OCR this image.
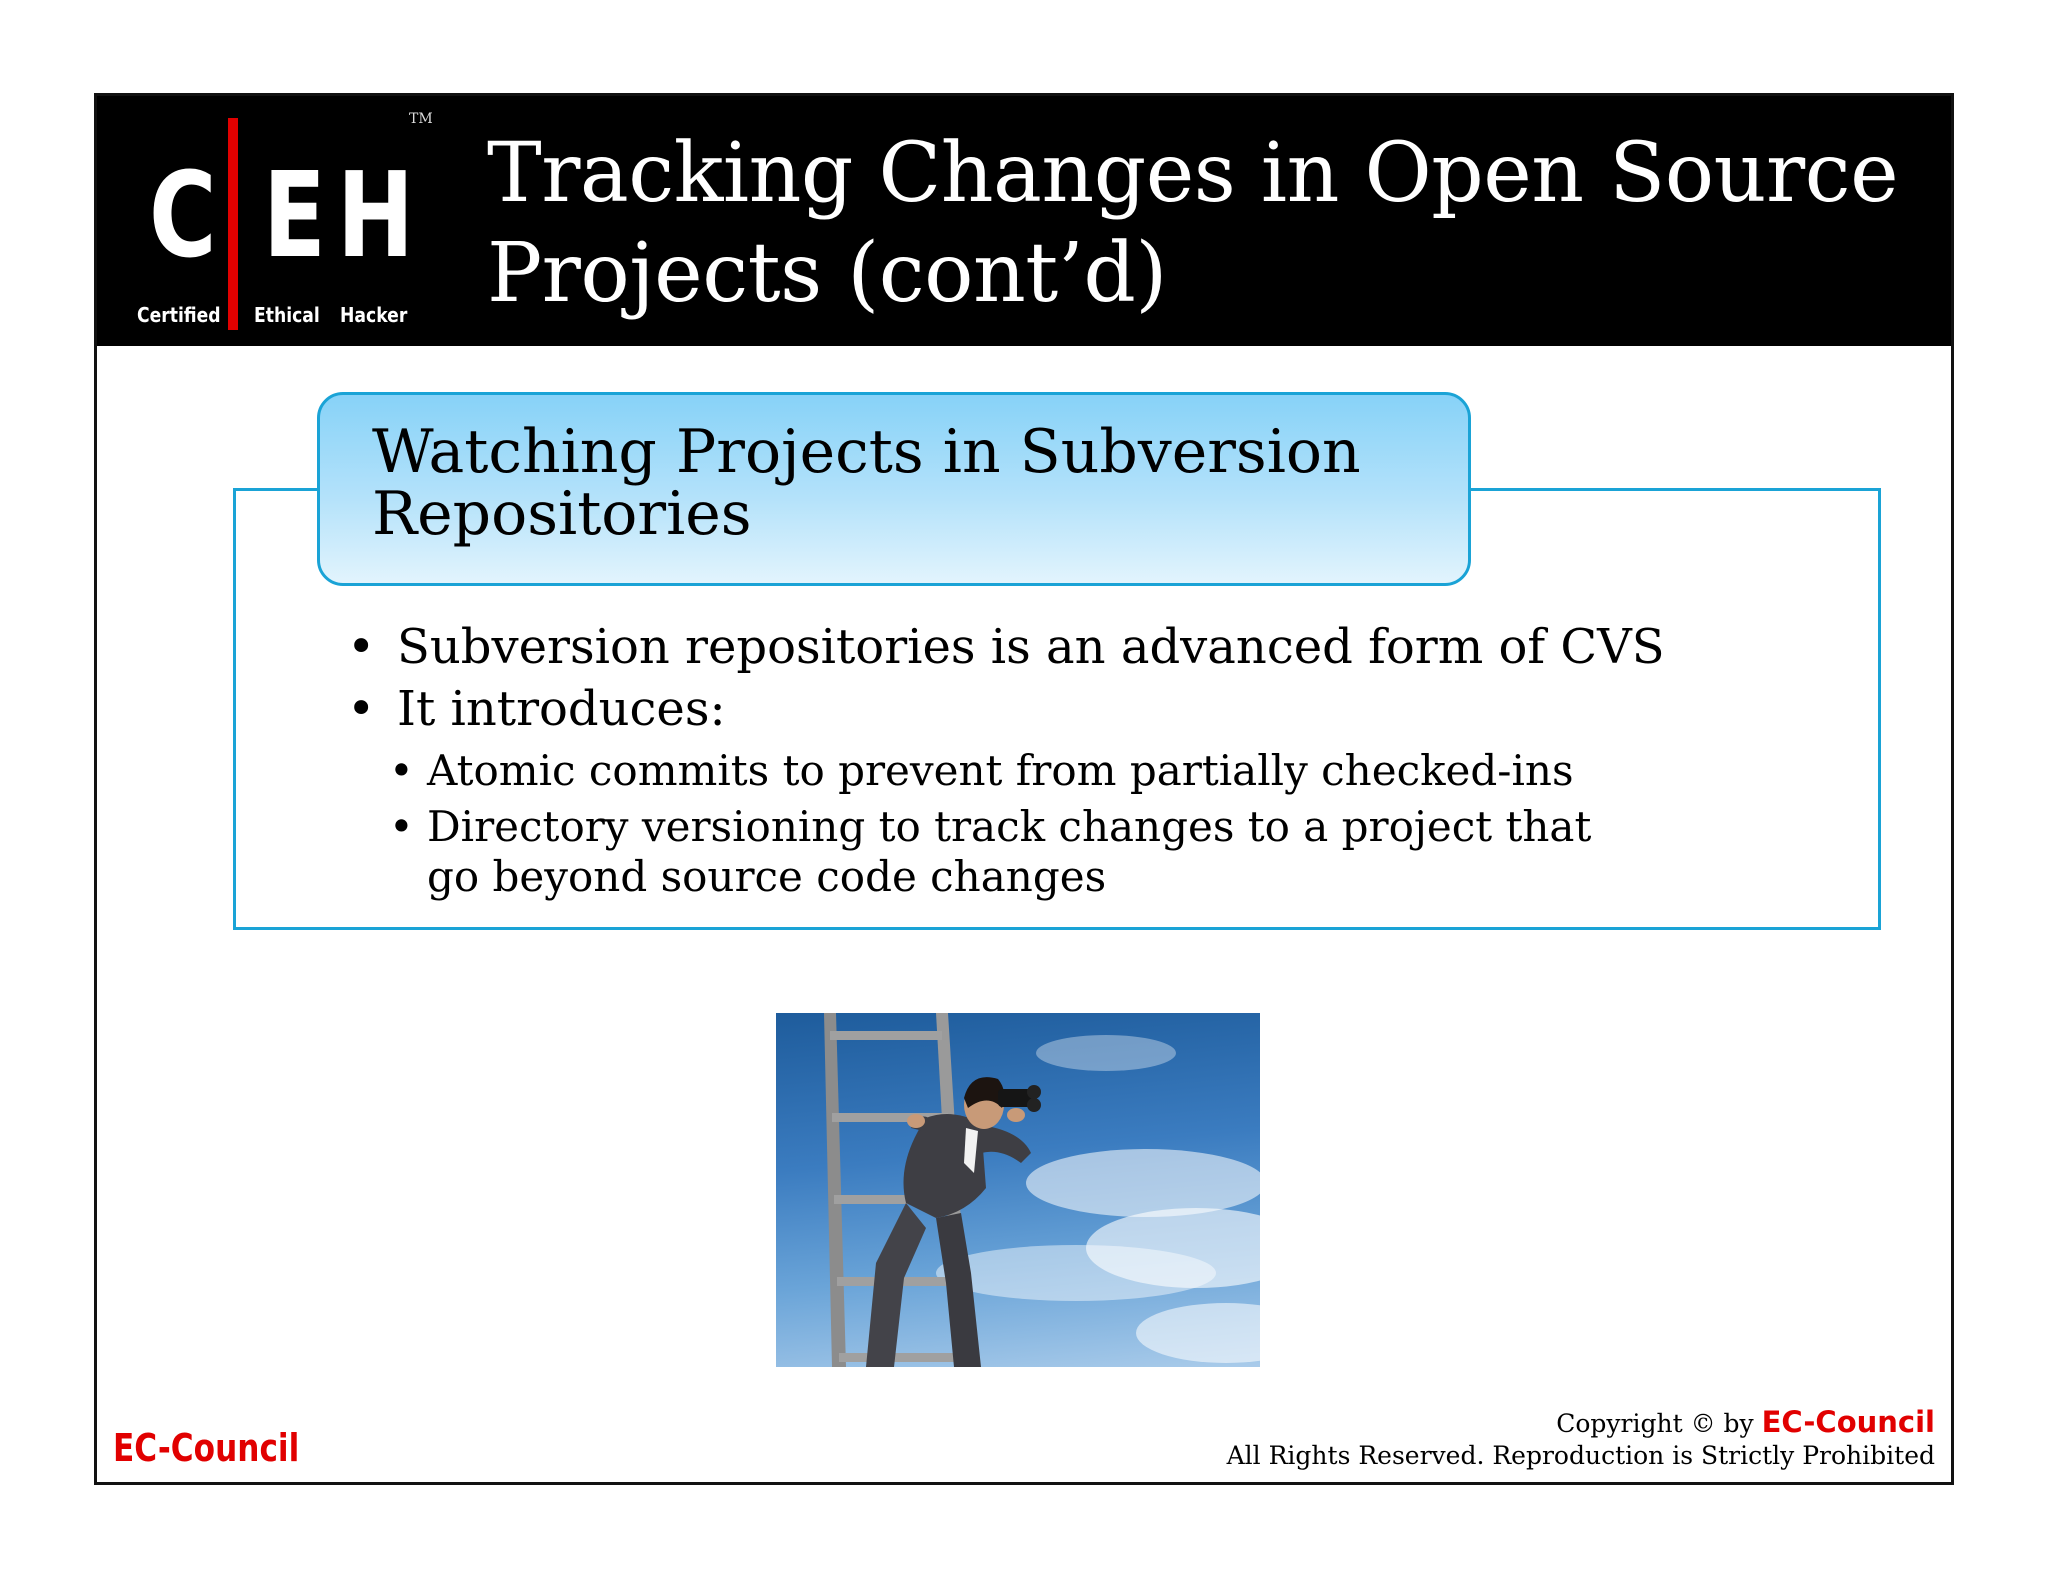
C E H
TM
Certified Ethical Hacker
Tracking Changes in Open Source Projects (cont’d)
Watching Projects in Subversion Repositories
• Subversion repositories is an advanced form of CVS
• It introduces:
• Atomic commits to prevent from partially checked-ins
• Directory versioning to track changes to a project that go beyond source code changes
EC-Council
Copyright © by EC-Council
All Rights Reserved. Reproduction is Strictly Prohibited
